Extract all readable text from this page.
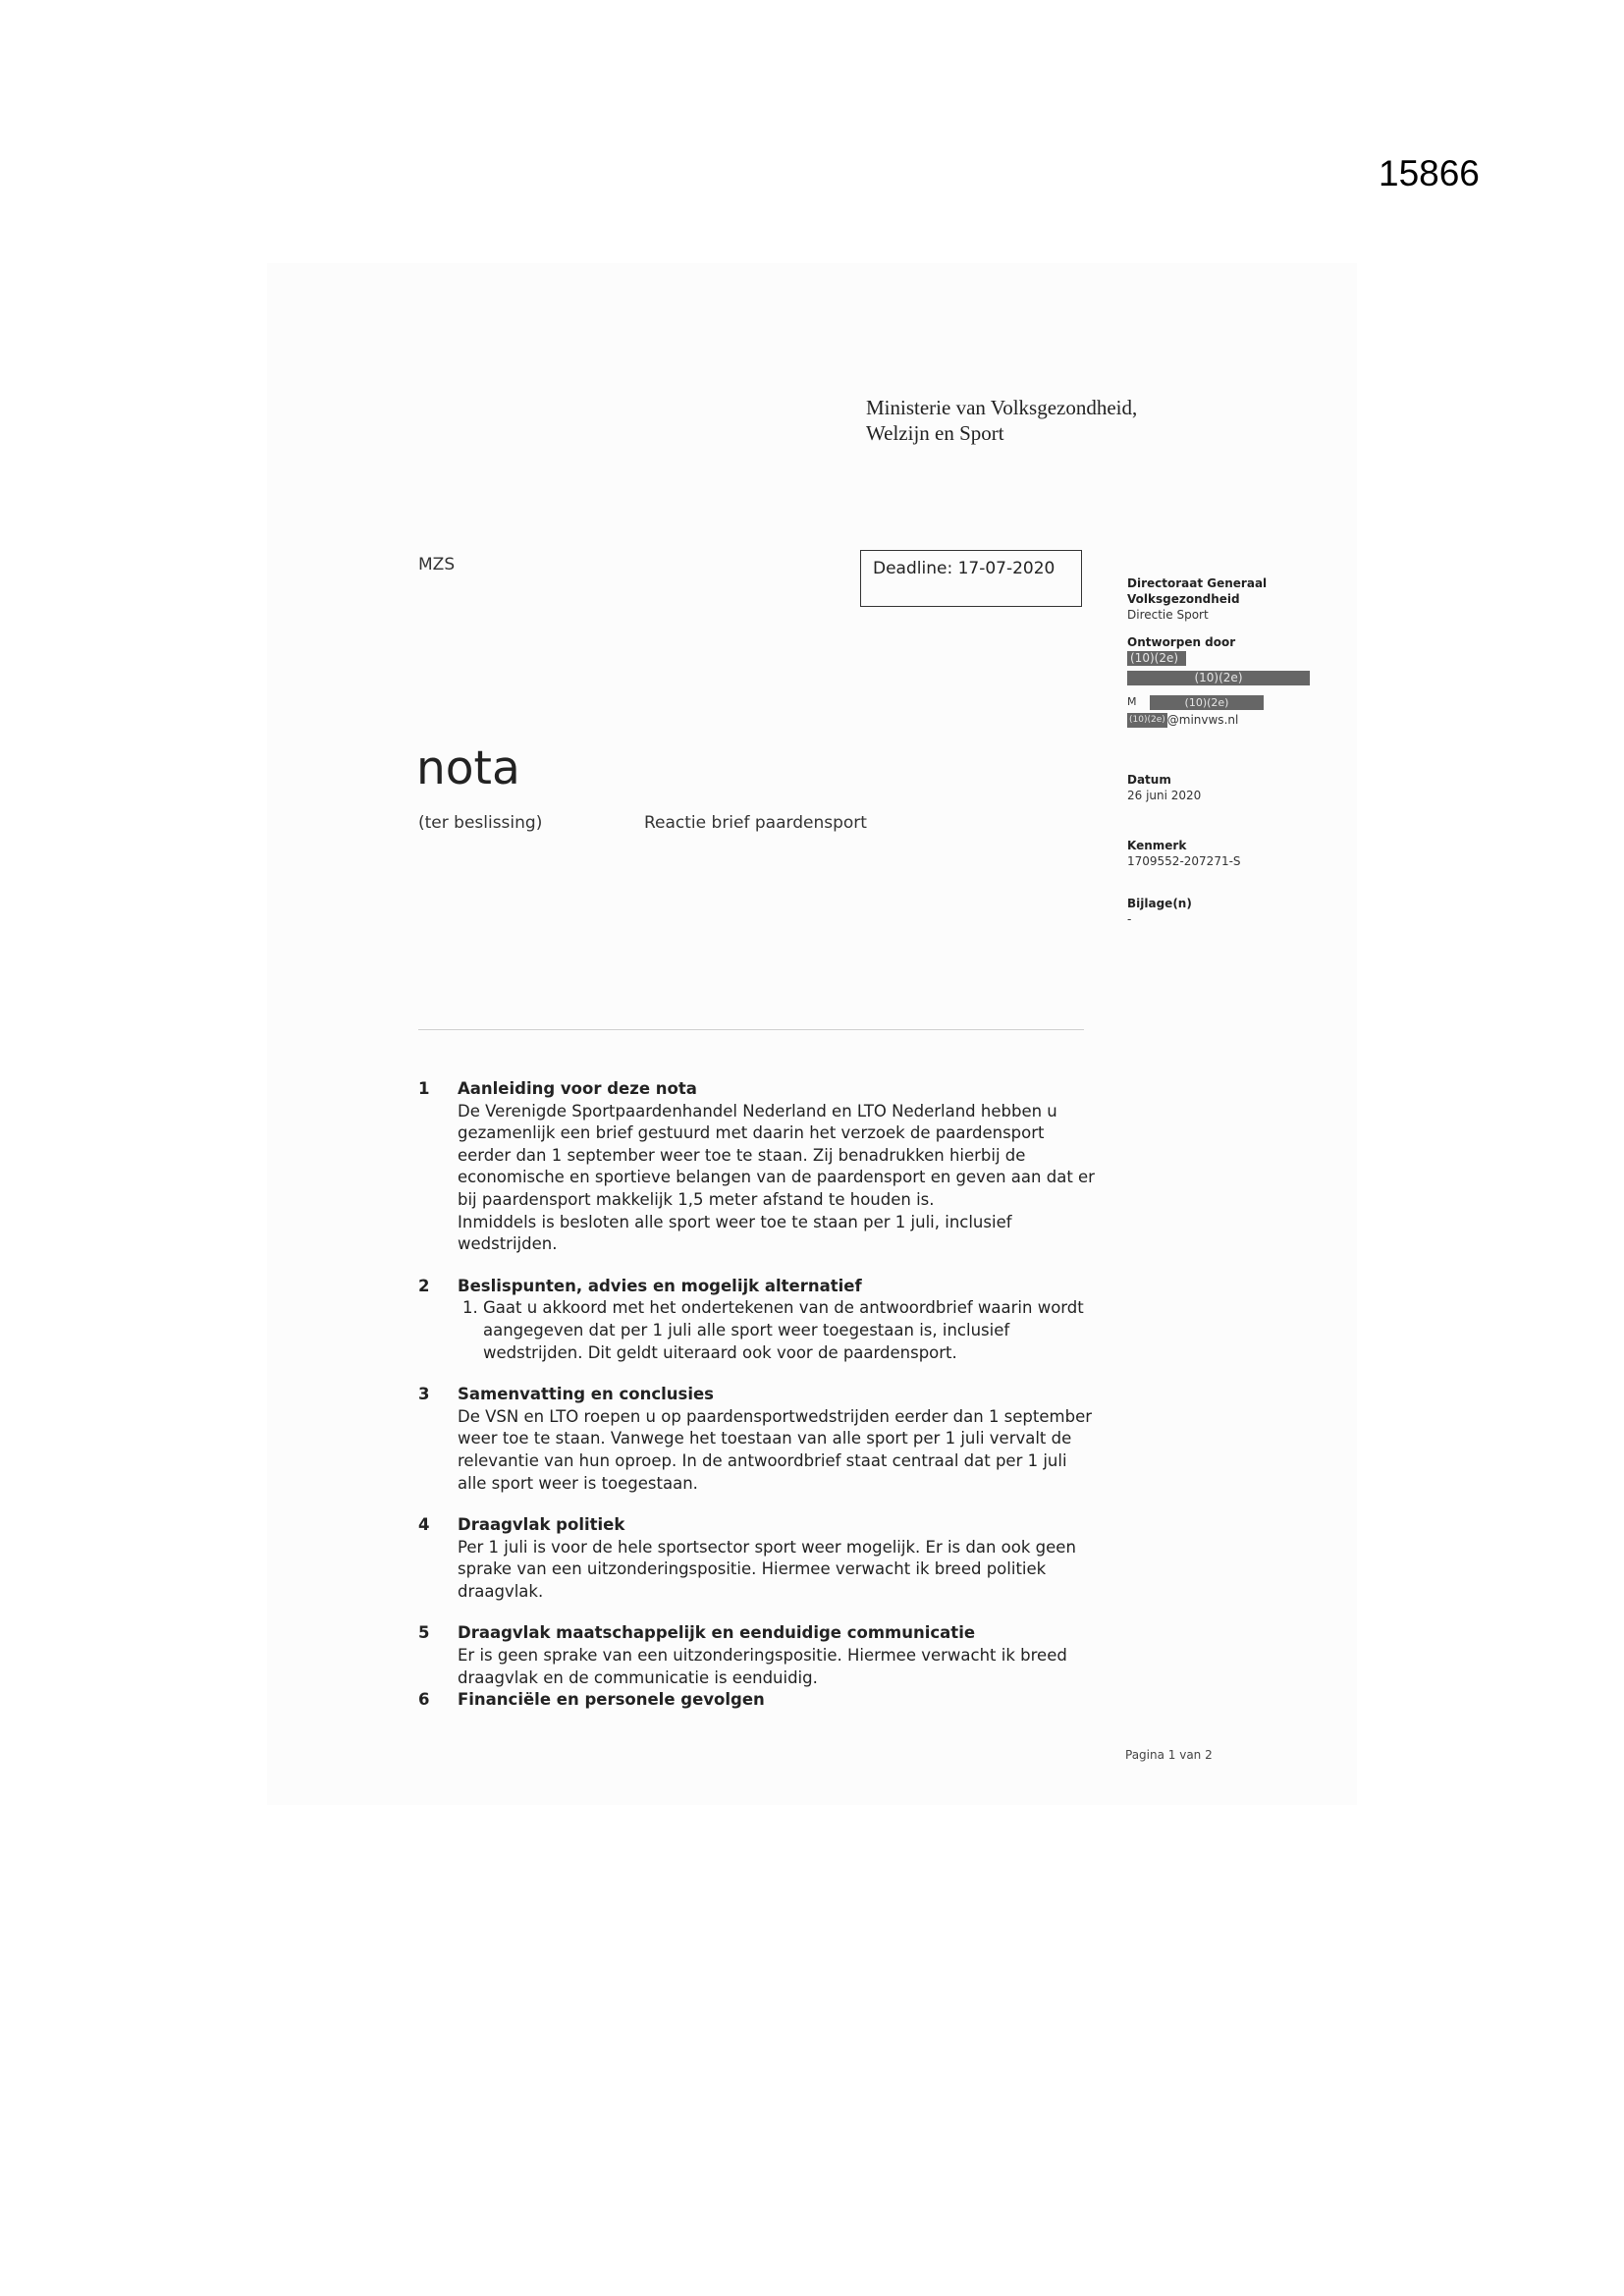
15866
Ministerie van Volksgezondheid,
Welzijn en Sport
MZS	Deadline: 17-07-2020
Directoraat Generaal
Volksgezondheid
Directie Sport
Ontworpen door
(10)(2e)
(10)(2e)
M	(10)(2e)
(10)(2e) @minvws.nl
Datum
26 juni 2020
Kenmerk
1709552-207271-S
Bijlage(n)
-
nota
(ter beslissing)	Reactie brief paardensport
1 Aanleiding voor deze nota

De Verenigde Sportpaardenhandel Nederland en LTO Nederland hebben u
gezamenlijk een brief gestuurd met daarin het verzoek de paardensport
eerder dan 1 september weer toe te staan. Zij benadrukken hierbij de
economische en sportieve belangen van de paardensport en geven aan dat er
bij paardensport makkelijk 1,5 meter afstand te houden is.
Inmiddels is besloten alle sport weer toe te staan per 1 juli, inclusief
wedstrijden.

2 Beslispunten, advies en mogelijk alternatief
1. Gaat u akkoord met het ondertekenen van de antwoordbrief waarin wordt
aangegeven dat per 1 juli alle sport weer toegestaan is, inclusief
wedstrijden. Dit geldt uiteraard ook voor de paardensport.
3 Samenvatting en conclusies

De VSN en LTO roepen u op paardensportwedstrijden eerder dan 1 september
weer toe te staan. Vanwege het toestaan van alle sport per 1 juli vervalt de
relevantie van hun oproep. In de antwoordbrief staat centraal dat per 1 juli
alle sport weer is toegestaan.

4 Draagvlak politiek

Per 1 juli is voor de hele sportsector sport weer mogelijk. Er is dan ook geen
sprake van een uitzonderingspositie. Hiermee verwacht ik breed politiek
draagvlak.

5 Draagvlak maatschappelijk en eenduidige communicatie

Er is geen sprake van een uitzonderingspositie. Hiermee verwacht ik breed
draagvlak en de communicatie is eenduidig.

6 Financiële en personele gevolgen
Pagina 1 van 2
